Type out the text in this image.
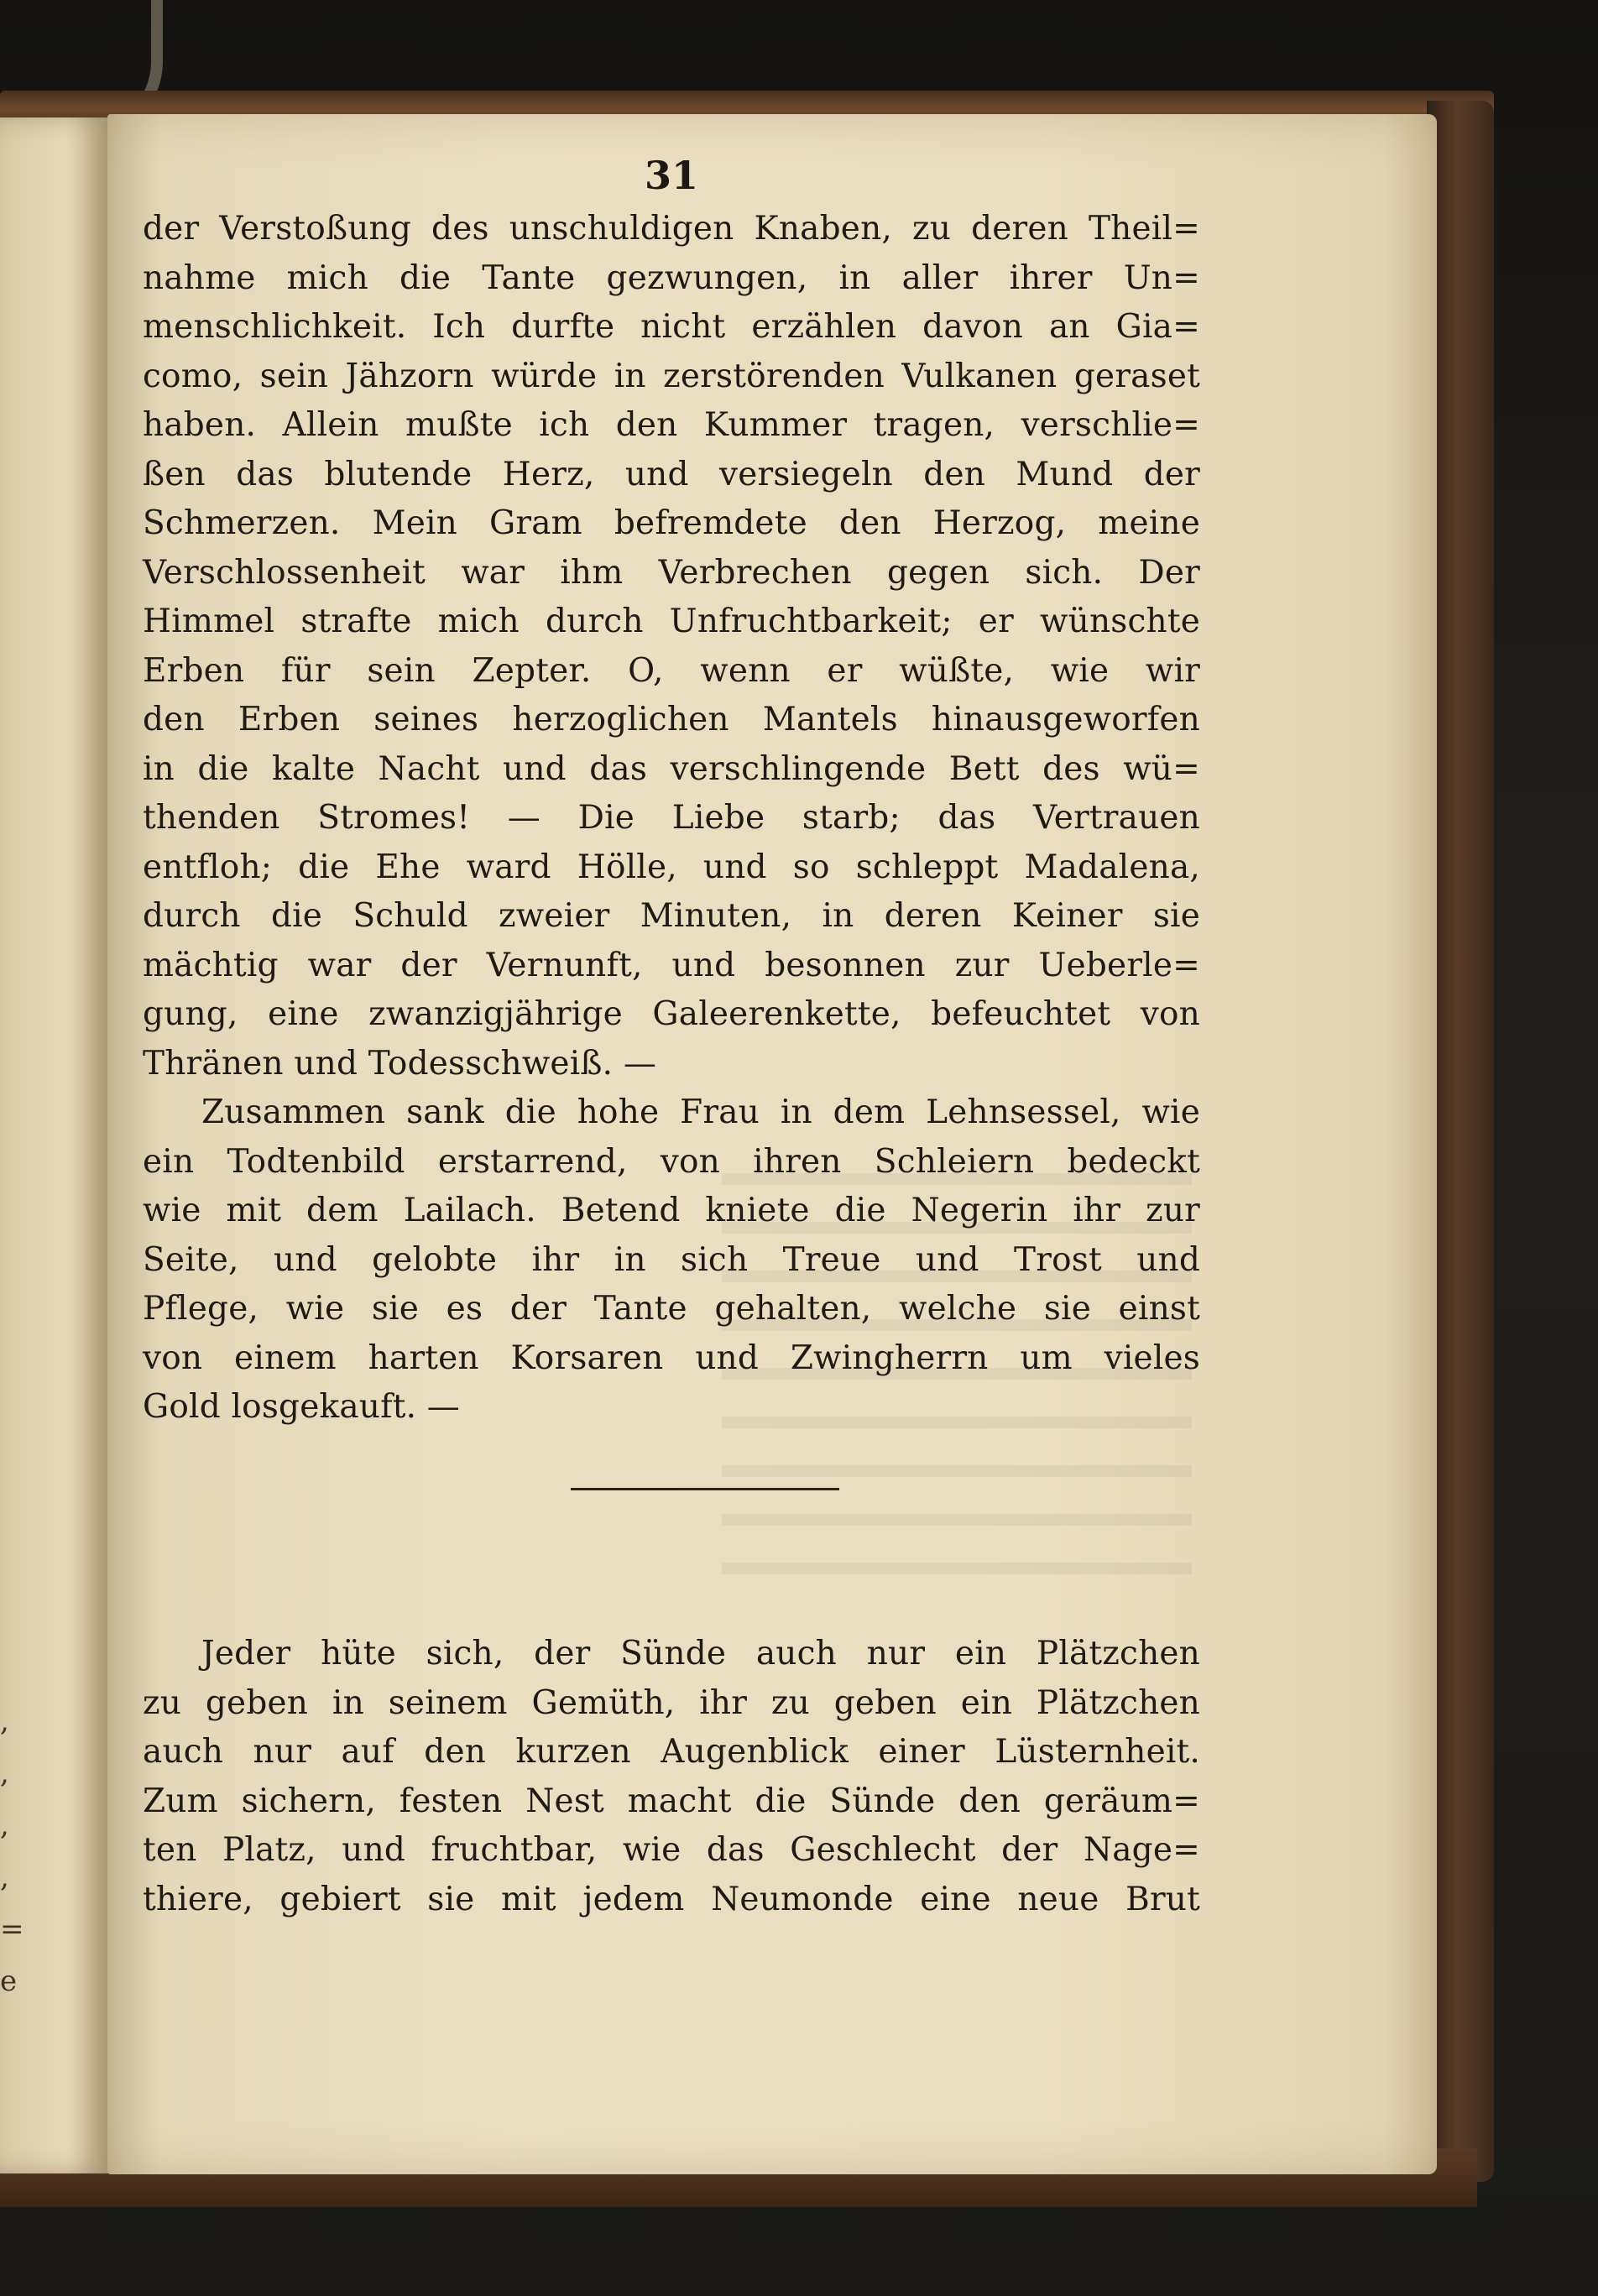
,
,
,
,
=
e
31
der Verstoßung des unschuldigen Knaben, zu deren Theil=
nahme mich die Tante gezwungen, in aller ihrer Un=
menschlichkeit. Ich durfte nicht erzählen davon an Gia=
como, sein Jähzorn würde in zerstörenden Vulkanen geraset
haben. Allein mußte ich den Kummer tragen, verschlie=
ßen das blutende Herz, und versiegeln den Mund der
Schmerzen. Mein Gram befremdete den Herzog, meine
Verschlossenheit war ihm Verbrechen gegen sich. Der
Himmel strafte mich durch Unfruchtbarkeit; er wünschte
Erben für sein Zepter. O, wenn er wüßte, wie wir
den Erben seines herzoglichen Mantels hinausgeworfen
in die kalte Nacht und das verschlingende Bett des wü=
thenden Stromes! — Die Liebe starb; das Vertrauen
entfloh; die Ehe ward Hölle, und so schleppt Madalena,
durch die Schuld zweier Minuten, in deren Keiner sie
mächtig war der Vernunft, und besonnen zur Ueberle=
gung, eine zwanzigjährige Galeerenkette, befeuchtet von
Thränen und Todesschweiß. —
Zusammen sank die hohe Frau in dem Lehnsessel, wie
ein Todtenbild erstarrend, von ihren Schleiern bedeckt
wie mit dem Lailach. Betend kniete die Negerin ihr zur
Seite, und gelobte ihr in sich Treue und Trost und
Pflege, wie sie es der Tante gehalten, welche sie einst
von einem harten Korsaren und Zwingherrn um vieles
Gold losgekauft. —
Jeder hüte sich, der Sünde auch nur ein Plätzchen
zu geben in seinem Gemüth, ihr zu geben ein Plätzchen
auch nur auf den kurzen Augenblick einer Lüsternheit.
Zum sichern, festen Nest macht die Sünde den geräum=
ten Platz, und fruchtbar, wie das Geschlecht der Nage=
thiere, gebiert sie mit jedem Neumonde eine neue Brut
